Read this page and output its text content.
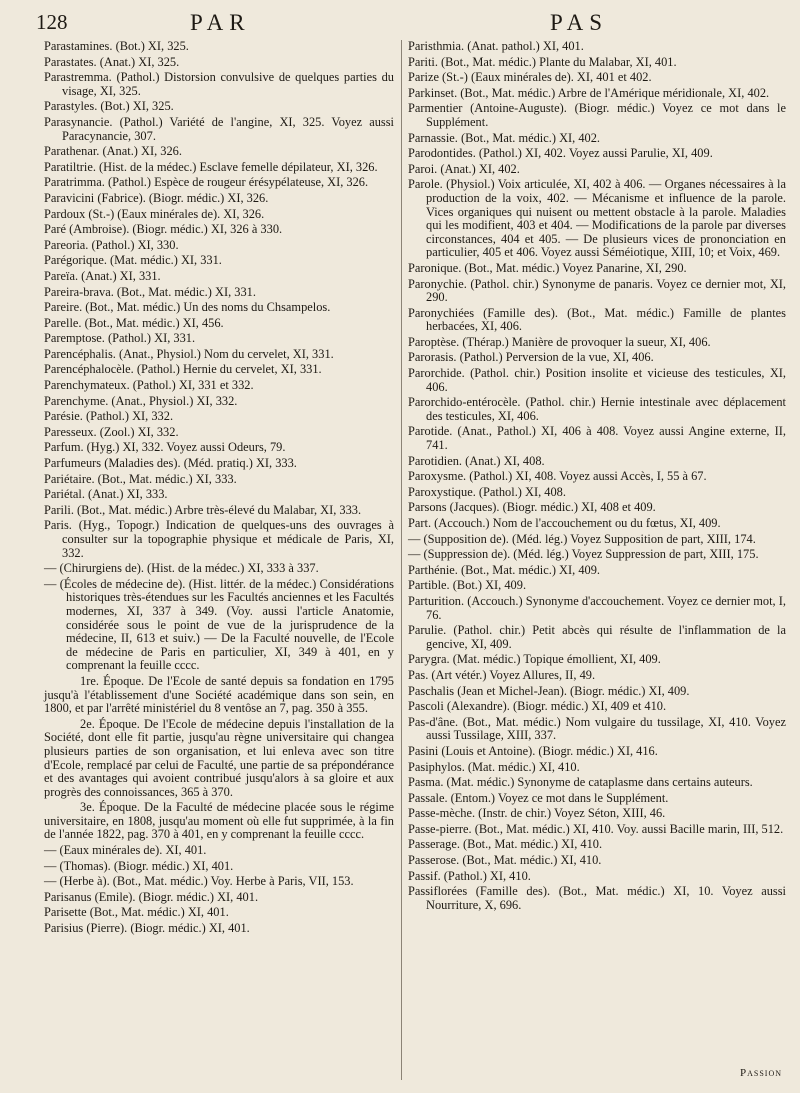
128	PAR	PAS

Parastamines. (Bot.) XI, 325.

Parastates. (Anat.) XI, 325.

Parastremma. (Pathol.) Distorsion convulsive de quelques parties du visage, XI, 325.

Parastyles. (Bot.) XI, 325.

Parasynancie. (Pathol.) Variété de l'angine, XI, 325. Voyez aussi Paracynancie, 307.

Parathenar. (Anat.) XI, 326.

Paratiltrie. (Hist. de la médec.) Esclave femelle dépilateur, XI, 326.

Paratrimma. (Pathol.) Espèce de rougeur érésypélateuse, XI, 326.

Paravicini (Fabrice). (Biogr. médic.) XI, 326.

Pardoux (St.-) (Eaux minérales de). XI, 326.

Paré (Ambroise). (Biogr. médic.) XI, 326 à 330.

Pareoria. (Pathol.) XI, 330.

Parégorique. (Mat. médic.) XI, 331.

Pareïa. (Anat.) XI, 331.

Pareira-brava. (Bot., Mat. médic.) XI, 331.

Pareire. (Bot., Mat. médic.) Un des noms du Chsampelos.

Parelle. (Bot., Mat. médic.) XI, 456.

Paremptose. (Pathol.) XI, 331.

Parencéphalis. (Anat., Physiol.) Nom du cervelet, XI, 331.

Parencéphalocèle. (Pathol.) Hernie du cervelet, XI, 331.

Parenchymateux. (Pathol.) XI, 331 et 332.

Parenchyme. (Anat., Physiol.) XI, 332.

Parésie. (Pathol.) XI, 332.

Paresseux. (Zool.) XI, 332.

Parfum. (Hyg.) XI, 332. Voyez aussi Odeurs, 79.

Parfumeurs (Maladies des). (Méd. pratiq.) XI, 333.

Pariétaire. (Bot., Mat. médic.) XI, 333.

Pariétal. (Anat.) XI, 333.

Parili. (Bot., Mat. médic.) Arbre très-élevé du Malabar, XI, 333.

Paris. (Hyg., Topogr.) Indication de quelques-uns des ouvrages à consulter sur la topographie physique et médicale de Paris, XI, 332.

— (Chirurgiens de). (Hist. de la médec.) XI, 333 à 337.

— (Écoles de médecine de). (Hist. littér. de la médec.) Considérations historiques très-étendues sur les Facultés anciennes et les Facultés modernes, XI, 337 à 349. (Voy. aussi l'article Anatomie, considérée sous le point de vue de la jurisprudence de la médecine, II, 613 et suiv.) — De la Faculté nouvelle, de l'Ecole de médecine de Paris en particulier, XI, 349 à 401, en y comprenant la feuille cccc.

1re. Époque. De l'Ecole de santé depuis sa fondation en 1795 jusqu'à l'établissement d'une Société académique dans son sein, en 1800, et par l'arrêté ministériel du 8 ventôse an 7, pag. 350 à 355.

2e. Époque. De l'Ecole de médecine depuis l'installation de la Société, dont elle fit partie, jusqu'au règne universitaire qui changea plusieurs parties de son organisation, et lui enleva avec son titre d'Ecole, remplacé par celui de Faculté, une partie de sa prépondérance et des avantages qui avoient contribué jusqu'alors à sa gloire et aux progrès des connoissances, 365 à 370.

3e. Époque. De la Faculté de médecine placée sous le régime universitaire, en 1808, jusqu'au moment où elle fut supprimée, à la fin de l'année 1822, pag. 370 à 401, en y comprenant la feuille cccc.

— (Eaux minérales de). XI, 401.

— (Thomas). (Biogr. médic.) XI, 401.

— (Herbe à). (Bot., Mat. médic.) Voy. Herbe à Paris, VII, 153.

Parisanus (Emile). (Biogr. médic.) XI, 401.

Parisette (Bot., Mat. médic.) XI, 401.

Parisius (Pierre). (Biogr. médic.) XI, 401.

Paristhmia. (Anat. pathol.) XI, 401.

Pariti. (Bot., Mat. médic.) Plante du Malabar, XI, 401.

Parize (St.-) (Eaux minérales de). XI, 401 et 402.

Parkinset. (Bot., Mat. médic.) Arbre de l'Amérique méridionale, XI, 402.

Parmentier (Antoine-Auguste). (Biogr. médic.) Voyez ce mot dans le Supplément.

Parnassie. (Bot., Mat. médic.) XI, 402.

Parodontides. (Pathol.) XI, 402. Voyez aussi Parulie, XI, 409.

Paroi. (Anat.) XI, 402.

Parole. (Physiol.) Voix articulée, XI, 402 à 406. — Organes nécessaires à la production de la voix, 402. — Mécanisme et influence de la parole. Vices organiques qui nuisent ou mettent obstacle à la parole. Maladies qui les modifient, 403 et 404. — Modifications de la parole par diverses circonstances, 404 et 405. — De plusieurs vices de prononciation en particulier, 405 et 406. Voyez aussi Séméiotique, XIII, 10; et Voix, 469.

Paronique. (Bot., Mat. médic.) Voyez Panarine, XI, 290.

Paronychie. (Pathol. chir.) Synonyme de panaris. Voyez ce dernier mot, XI, 290.

Paronychiées (Famille des). (Bot., Mat. médic.) Famille de plantes herbacées, XI, 406.

Paroptèse. (Thérap.) Manière de provoquer la sueur, XI, 406.

Parorasis. (Pathol.) Perversion de la vue, XI, 406.

Parorchide. (Pathol. chir.) Position insolite et vicieuse des testicules, XI, 406.

Parorchido-entérocèle. (Pathol. chir.) Hernie intestinale avec déplacement des testicules, XI, 406.

Parotide. (Anat., Pathol.) XI, 406 à 408. Voyez aussi Angine externe, II, 741.

Parotidien. (Anat.) XI, 408.

Paroxysme. (Pathol.) XI, 408. Voyez aussi Accès, I, 55 à 67.

Paroxystique. (Pathol.) XI, 408.

Parsons (Jacques). (Biogr. médic.) XI, 408 et 409.

Part. (Accouch.) Nom de l'accouchement ou du fœtus, XI, 409.

— (Supposition de). (Méd. lég.) Voyez Supposition de part, XIII, 174.

— (Suppression de). (Méd. lég.) Voyez Suppression de part, XIII, 175.

Parthénie. (Bot., Mat. médic.) XI, 409.

Partible. (Bot.) XI, 409.

Parturition. (Accouch.) Synonyme d'accouchement. Voyez ce dernier mot, I, 76.

Parulie. (Pathol. chir.) Petit abcès qui résulte de l'inflammation de la gencive, XI, 409.

Parygra. (Mat. médic.) Topique émollient, XI, 409.

Pas. (Art vétér.) Voyez Allures, II, 49.

Paschalis (Jean et Michel-Jean). (Biogr. médic.) XI, 409.

Pascoli (Alexandre). (Biogr. médic.) XI, 409 et 410.

Pas-d'âne. (Bot., Mat. médic.) Nom vulgaire du tussilage, XI, 410. Voyez aussi Tussilage, XIII, 337.

Pasini (Louis et Antoine). (Biogr. médic.) XI, 416.

Pasiphylos. (Mat. médic.) XI, 410.

Pasma. (Mat. médic.) Synonyme de cataplasme dans certains auteurs.

Passale. (Entom.) Voyez ce mot dans le Supplément.

Passe-mèche. (Instr. de chir.) Voyez Séton, XIII, 46.

Passe-pierre. (Bot., Mat. médic.) XI, 410. Voy. aussi Bacille marin, III, 512.

Passerage. (Bot., Mat. médic.) XI, 410.

Passerose. (Bot., Mat. médic.) XI, 410.

Passif. (Pathol.) XI, 410.

Passiflorées (Famille des). (Bot., Mat. médic.) XI, 10. Voyez aussi Nourriture, X, 696.

Passion
